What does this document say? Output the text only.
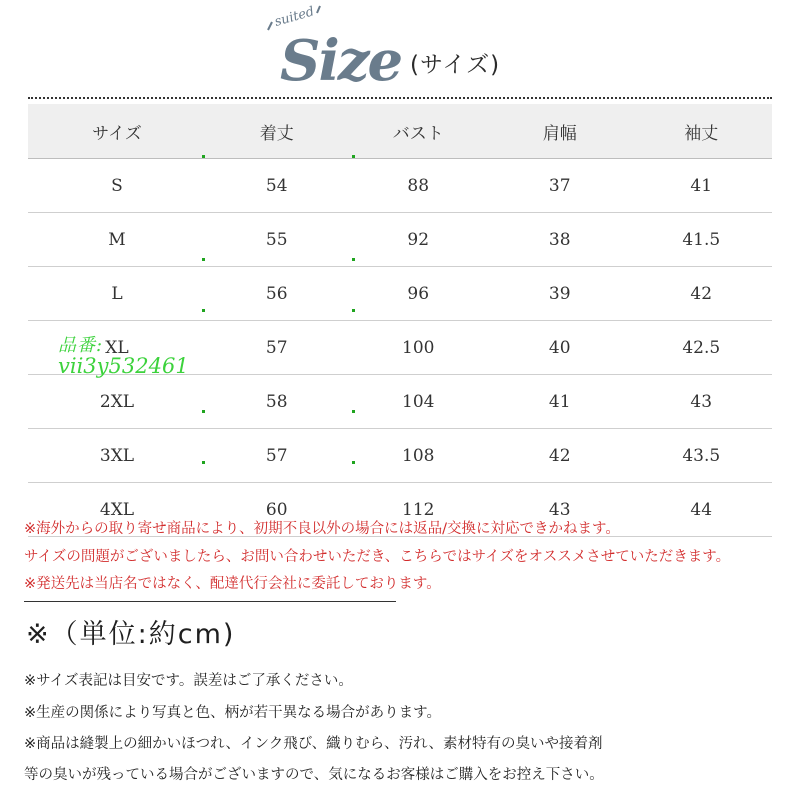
suited
Size (サイズ)
サイズ	着丈	バスト	肩幅	袖丈
S	54	88	37	41
M	55	92	38	41.5
L	56	96	39	42
XL	57	100	40	42.5
2XL	58	104	41	43
3XL	57	108	42	43.5
4XL	60	112	43	44
品番:
vii3y532461
※海外からの取り寄せ商品により、初期不良以外の場合には返品/交換に対応できかねます。
サイズの問題がございましたら、お問い合わせいただき、こちらではサイズをオススメさせていただきます。
※発送先は当店名ではなく、配達代行会社に委託しております。
※（単位:約cm)
※サイズ表記は目安です。誤差はご了承ください。
※生産の関係により写真と色、柄が若干異なる場合があります。
※商品は縫製上の細かいほつれ、インク飛び、織りむら、汚れ、素材特有の臭いや接着剤
等の臭いが残っている場合がございますので、気になるお客様はご購入をお控え下さい。
